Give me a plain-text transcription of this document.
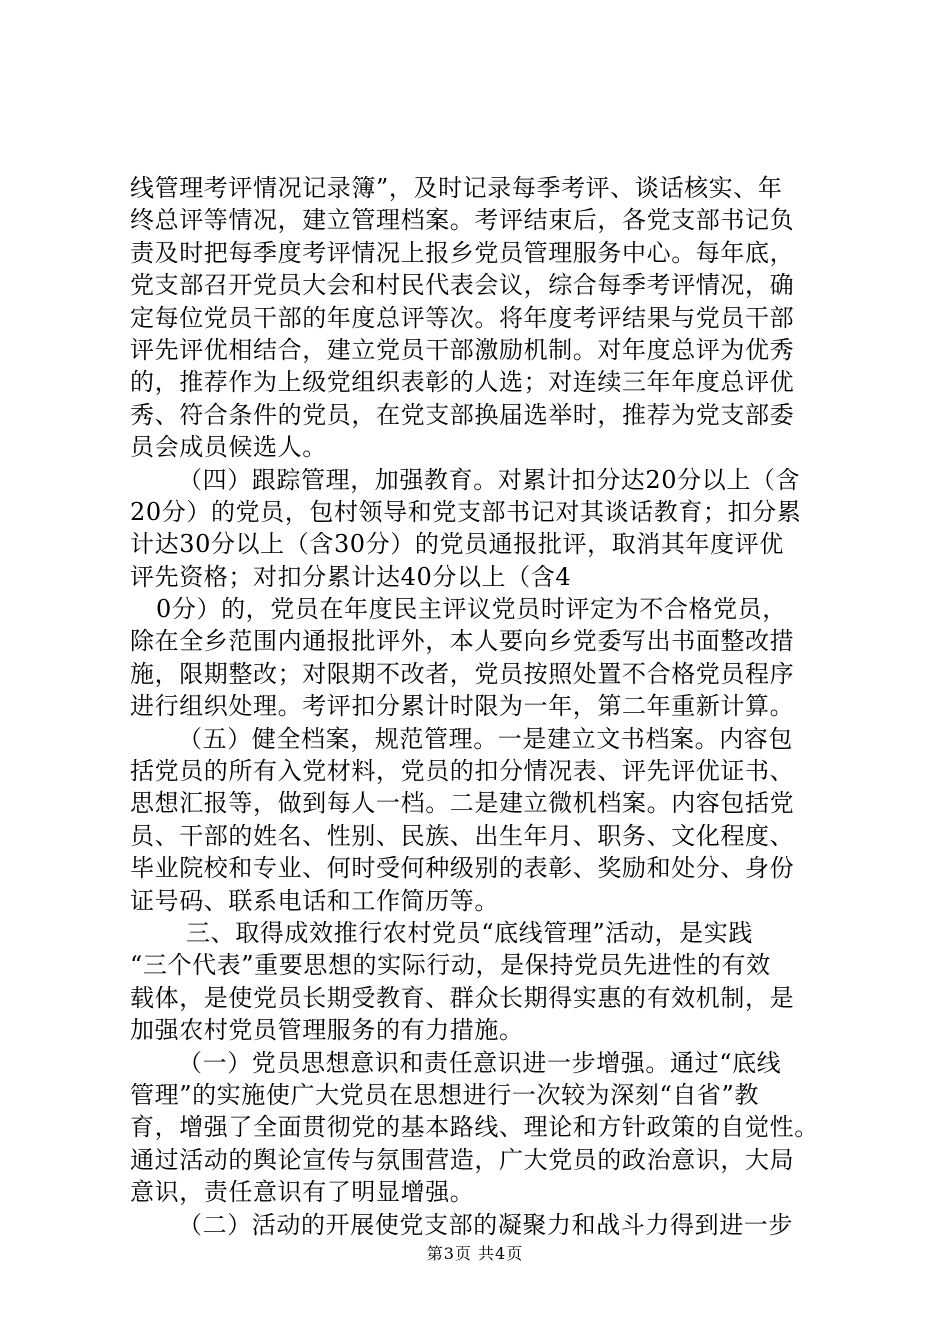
线管理考评情况记录簿”，及时记录每季考评、谈话核实、年
终总评等情况，建立管理档案。考评结束后，各党支部书记负
责及时把每季度考评情况上报乡党员管理服务中心。每年底，
党支部召开党员大会和村民代表会议，综合每季考评情况，确
定每位党员干部的年度总评等次。将年度考评结果与党员干部
评先评优相结合，建立党员干部激励机制。对年度总评为优秀
的，推荐作为上级党组织表彰的人选；对连续三年年度总评优
秀、符合条件的党员，在党支部换届选举时，推荐为党支部委
员会成员候选人。
（四）跟踪管理，加强教育。对累计扣分达20分以上（含
20分）的党员，包村领导和党支部书记对其谈话教育；扣分累
计达30分以上（含30分）的党员通报批评，取消其年度评优
评先资格；对扣分累计达40分以上（含4
0分）的，党员在年度民主评议党员时评定为不合格党员，
除在全乡范围内通报批评外，本人要向乡党委写出书面整改措
施，限期整改；对限期不改者，党员按照处置不合格党员程序
进行组织处理。考评扣分累计时限为一年，第二年重新计算。
（五）健全档案，规范管理。一是建立文书档案。内容包
括党员的所有入党材料，党员的扣分情况表、评先评优证书、
思想汇报等，做到每人一档。二是建立微机档案。内容包括党
员、干部的姓名、性别、民族、出生年月、职务、文化程度、
毕业院校和专业、何时受何种级别的表彰、奖励和处分、身份
证号码、联系电话和工作简历等。
三、取得成效推行农村党员“底线管理”活动，是实践
“三个代表”重要思想的实际行动，是保持党员先进性的有效
载体，是使党员长期受教育、群众长期得实惠的有效机制，是
加强农村党员管理服务的有力措施。
（一）党员思想意识和责任意识进一步增强。通过“底线
管理”的实施使广大党员在思想进行一次较为深刻“自省”教
育，增强了全面贯彻党的基本路线、理论和方针政策的自觉性。
通过活动的舆论宣传与氛围营造，广大党员的政治意识，大局
意识，责任意识有了明显增强。
（二）活动的开展使党支部的凝聚力和战斗力得到进一步
第3页 共4页
